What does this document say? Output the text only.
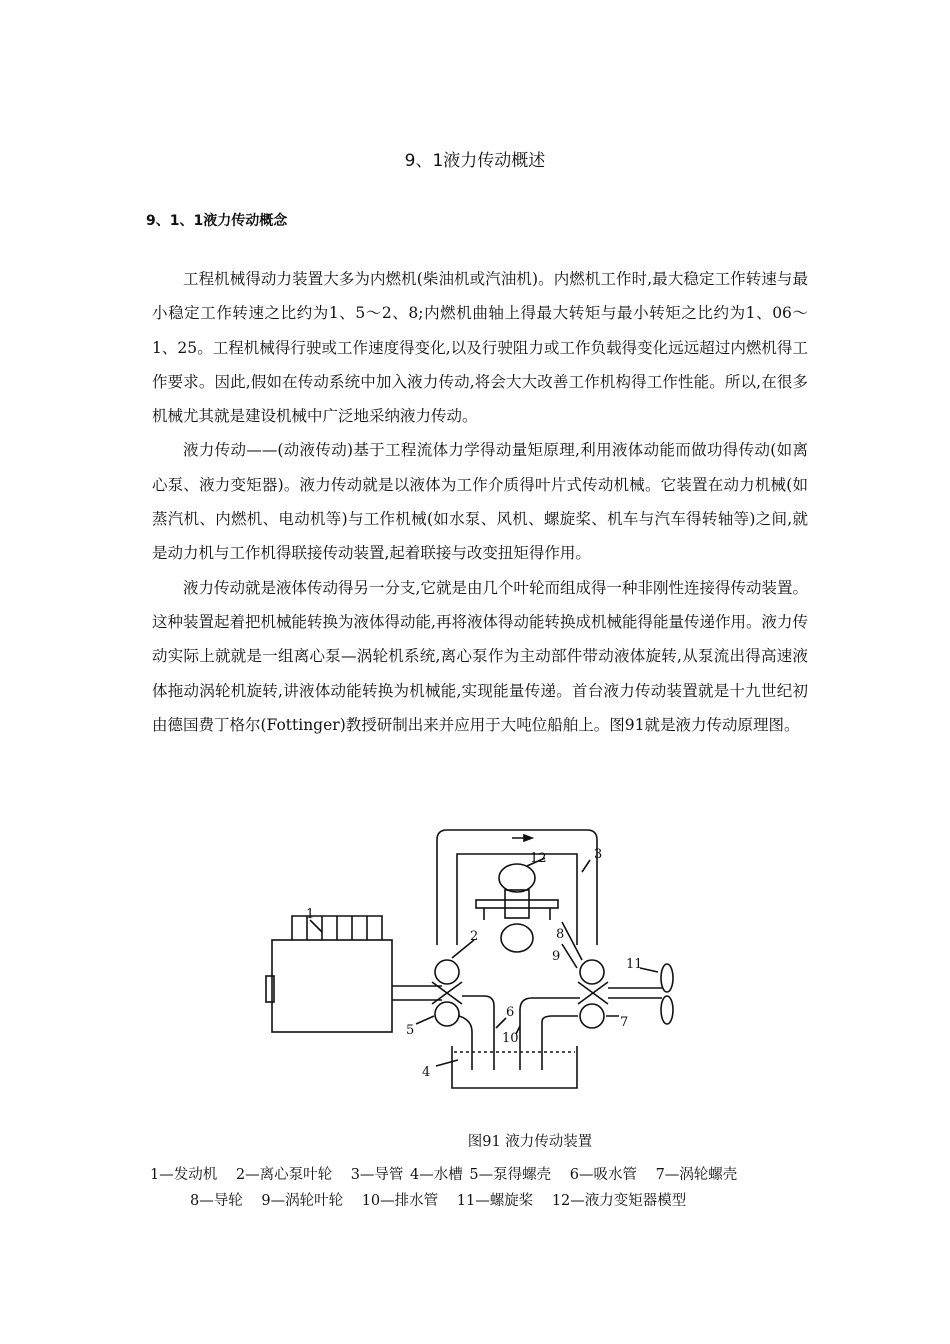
9、1液力传动概述
9、1、1液力传动概念

工程机械得动力装置大多为内燃机(柴油机或汽油机)。内燃机工作时,最大稳定工作转速与最小稳定工作转速之比约为1、5～2、8;内燃机曲轴上得最大转矩与最小转矩之比约为1、06～1、25。工程机械得行驶或工作速度得变化,以及行驶阻力或工作负载得变化远远超过内燃机得工作要求。因此,假如在传动系统中加入液力传动,将会大大改善工作机构得工作性能。所以,在很多机械尤其就是建设机械中广泛地采纳液力传动。

液力传动——(动液传动)基于工程流体力学得动量矩原理,利用液体动能而做功得传动(如离心泵、液力变矩器)。液力传动就是以液体为工作介质得叶片式传动机械。它装置在动力机械(如蒸汽机、内燃机、电动机等)与工作机械(如水泵、风机、螺旋桨、机车与汽车得转轴等)之间,就是动力机与工作机得联接传动装置,起着联接与改变扭矩得作用。

液力传动就是液体传动得另一分支,它就是由几个叶轮而组成得一种非刚性连接得传动装置。这种装置起着把机械能转换为液体得动能,再将液体得动能转换成机械能得能量传递作用。液力传动实际上就就是一组离心泵—涡轮机系统,离心泵作为主动部件带动液体旋转,从泵流出得高速液体拖动涡轮机旋转,讲液体动能转换为机械能,实现能量传递。首台液力传动装置就是十九世纪初由德国费丁格尔(Fottinger)教授研制出来并应用于大吨位船舶上。图91就是液力传动原理图。

1
2
3
4
5
6
7
8
9
10
11
12
图91 液力传动装置
1—发动机 2—离心泵叶轮 3—导管 4—水槽 5—泵得螺壳 6—吸水管 7—涡轮螺壳
8—导轮 9—涡轮叶轮 10—排水管 11—螺旋桨 12—液力变矩器模型
